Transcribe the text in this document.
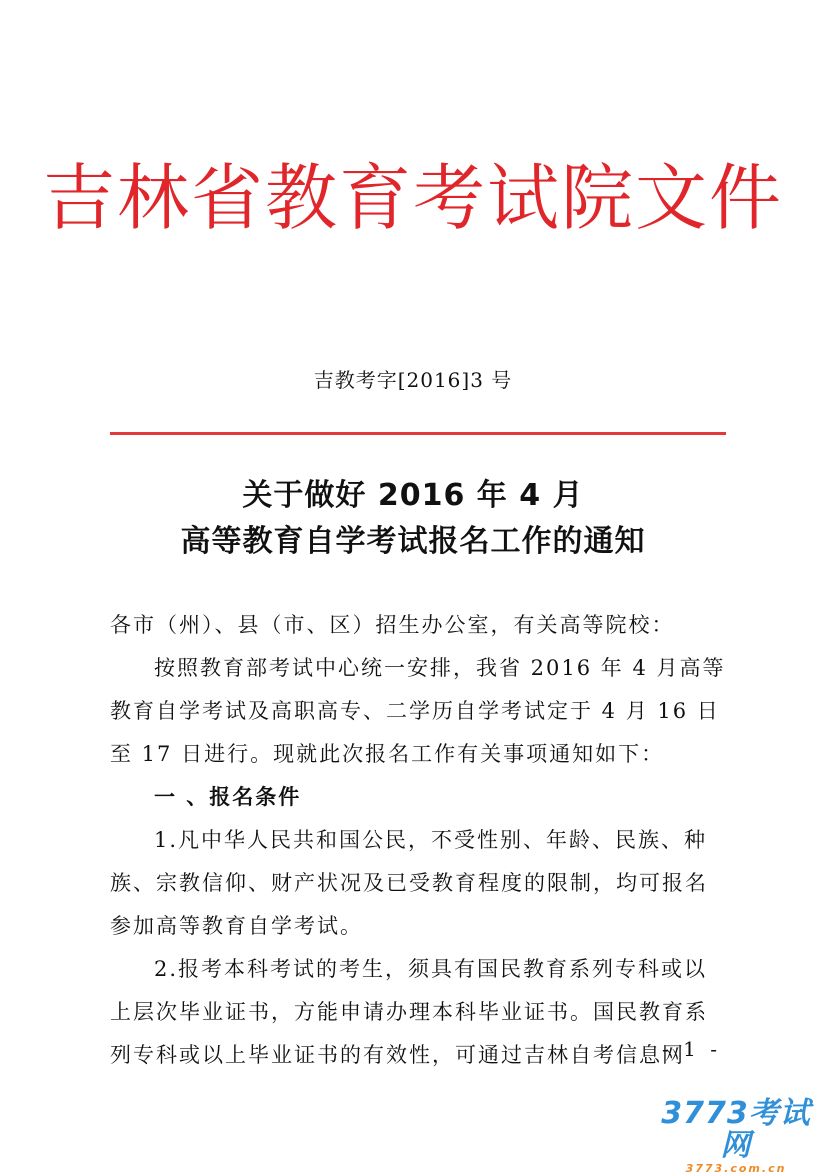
吉林省教育考试院文件
吉教考字[2016]3 号
关于做好 2016 年 4 月
高等教育自学考试报名工作的通知

各市（州）、县（市、区）招生办公室，有关高等院校：

按照教育部考试中心统一安排，我省 2016 年 4 月高等教育自学考试及高职高专、二学历自学考试定于 4 月 16 日至 17 日进行。现就此次报名工作有关事项通知如下：

一 、报名条件

1.凡中华人民共和国公民，不受性别、年龄、民族、种族、宗教信仰、财产状况及已受教育程度的限制，均可报名参加高等教育自学考试。

2.报考本科考试的考生，须具有国民教育系列专科或以上层次毕业证书，方能申请办理本科毕业证书。国民教育系列专科或以上毕业证书的有效性，可通过吉林自考信息网

- 1 -
3773考试网
3773.com.cn
